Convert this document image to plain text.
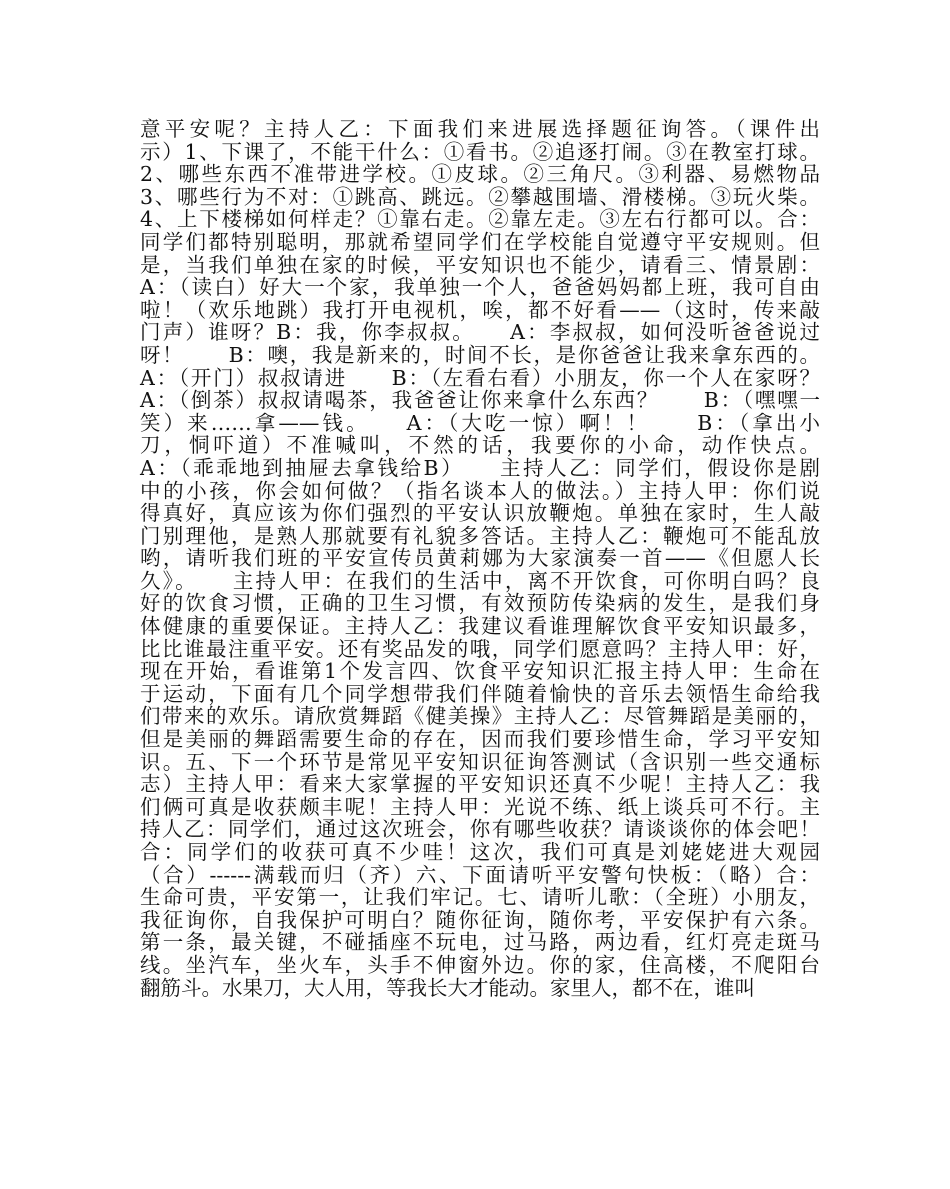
意平安呢？主持人乙：下面我们来进展选择题征询答。（课件出
示）1、下课了，不能干什么：①看书。②追逐打闹。③在教室打球。
2、哪些东西不准带进学校。①皮球。②三角尺。③利器、易燃物品
3、哪些行为不对：①跳高、跳远。②攀越围墙、滑楼梯。③玩火柴。
4、上下楼梯如何样走？①靠右走。②靠左走。③左右行都可以。合：
同学们都特别聪明，那就希望同学们在学校能自觉遵守平安规则。但
是，当我们单独在家的时候，平安知识也不能少，请看三、情景剧：
A：（读白）好大一个家，我单独一个人，爸爸妈妈都上班，我可自由
啦！（欢乐地跳）我打开电视机，唉，都不好看——（这时，传来敲
门声）谁呀？B：我，你李叔叔。　　A：李叔叔，如何没听爸爸说过
呀！　　B：噢，我是新来的，时间不长，是你爸爸让我来拿东西的。
A：（开门）叔叔请进　　B：（左看右看）小朋友，你一个人在家呀？
A：（倒茶）叔叔请喝茶，我爸爸让你来拿什么东西？　　B：（嘿嘿一
笑）来……拿——钱。　　A：（大吃一惊）啊！！　　B：（拿出小
刀，恫吓道）不准喊叫，不然的话，我要你的小命，动作快点。
A：（乖乖地到抽屉去拿钱给B）　　主持人乙：同学们，假设你是剧
中的小孩，你会如何做？（指名谈本人的做法。）主持人甲：你们说
得真好，真应该为你们强烈的平安认识放鞭炮。单独在家时，生人敲
门别理他，是熟人那就要有礼貌多答话。主持人乙：鞭炮可不能乱放
哟，请听我们班的平安宣传员黄莉娜为大家演奏一首——《但愿人长
久》。　　主持人甲：在我们的生活中，离不开饮食，可你明白吗？良
好的饮食习惯，正确的卫生习惯，有效预防传染病的发生，是我们身
体健康的重要保证。主持人乙：我建议看谁理解饮食平安知识最多，
比比谁最注重平安。还有奖品发的哦，同学们愿意吗？主持人甲：好，
现在开始，看谁第1个发言四、饮食平安知识汇报主持人甲：生命在
于运动，下面有几个同学想带我们伴随着愉快的音乐去领悟生命给我
们带来的欢乐。请欣赏舞蹈《健美操》主持人乙：尽管舞蹈是美丽的，
但是美丽的舞蹈需要生命的存在，因而我们要珍惜生命，学习平安知
识。五、下一个环节是常见平安知识征询答测试（含识别一些交通标
志）主持人甲：看来大家掌握的平安知识还真不少呢！主持人乙：我
们俩可真是收获颇丰呢！主持人甲：光说不练、纸上谈兵可不行。主
持人乙：同学们，通过这次班会，你有哪些收获？请谈谈你的体会吧！
合：同学们的收获可真不少哇！这次，我们可真是刘姥姥进大观园
（合）------满载而归（齐）六、下面请听平安警句快板：（略）合：
生命可贵，平安第一，让我们牢记。七、请听儿歌：（全班）小朋友，
我征询你，自我保护可明白？随你征询，随你考，平安保护有六条。
第一条，最关键，不碰插座不玩电，过马路，两边看，红灯亮走斑马
线。坐汽车，坐火车，头手不伸窗外边。你的家，住高楼，不爬阳台
翻筋斗。水果刀，大人用，等我长大才能动。家里人，都不在，谁叫
